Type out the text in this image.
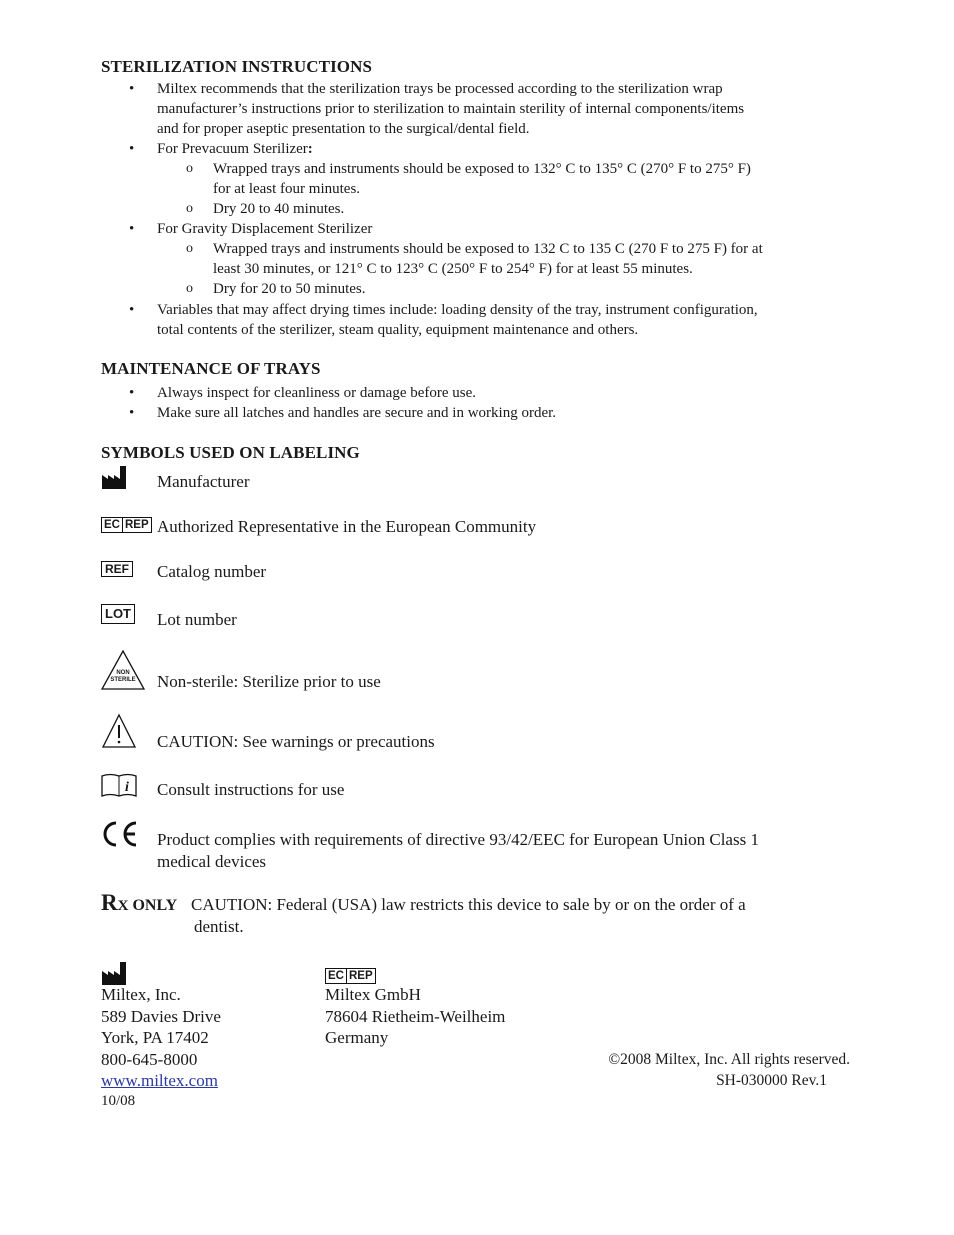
STERILIZATION INSTRUCTIONS
• Miltex recommends that the sterilization trays be processed according to the sterilization wrap
manufacturer’s instructions prior to sterilization to maintain sterility of internal components/items
and for proper aseptic presentation to the surgical/dental field.
• For Prevacuum Sterilizer:
o Wrapped trays and instruments should be exposed to 132° C to 135° C (270° F to 275° F)
for at least four minutes.
o Dry 20 to 40 minutes.
• For Gravity Displacement Sterilizer
o Wrapped trays and instruments should be exposed to 132 C to 135 C (270 F to 275 F) for at
least 30 minutes, or 121° C to 123° C (250° F to 254° F) for at least 55 minutes.
o Dry for 20 to 50 minutes.
• Variables that may affect drying times include: loading density of the tray, instrument configuration,
total contents of the sterilizer, steam quality, equipment maintenance and others.
MAINTENANCE OF TRAYS
• Always inspect for cleanliness or damage before use.
• Make sure all latches and handles are secure and in working order.
SYMBOLS USED ON LABELING
Manufacturer
EC REP Authorized Representative in the European Community
REF Catalog number
LOT Lot number
NON
STERILE	Non-sterile: Sterilize prior to use
CAUTION: See warnings or precautions
i Consult instructions for use
Product complies with requirements of directive 93/42/EEC for European Union Class 1
medical devices
RX ONLY CAUTION: Federal (USA) law restricts this device to sale by or on the order of a
dentist.
Miltex, Inc.
589 Davies Drive
York, PA 17402
800-645-8000
www.miltex.com
10/08
EC REP
Miltex GmbH
78604 Rietheim-Weilheim
Germany
©2008 Miltex, Inc. All rights reserved.
SH-030000 Rev.1
